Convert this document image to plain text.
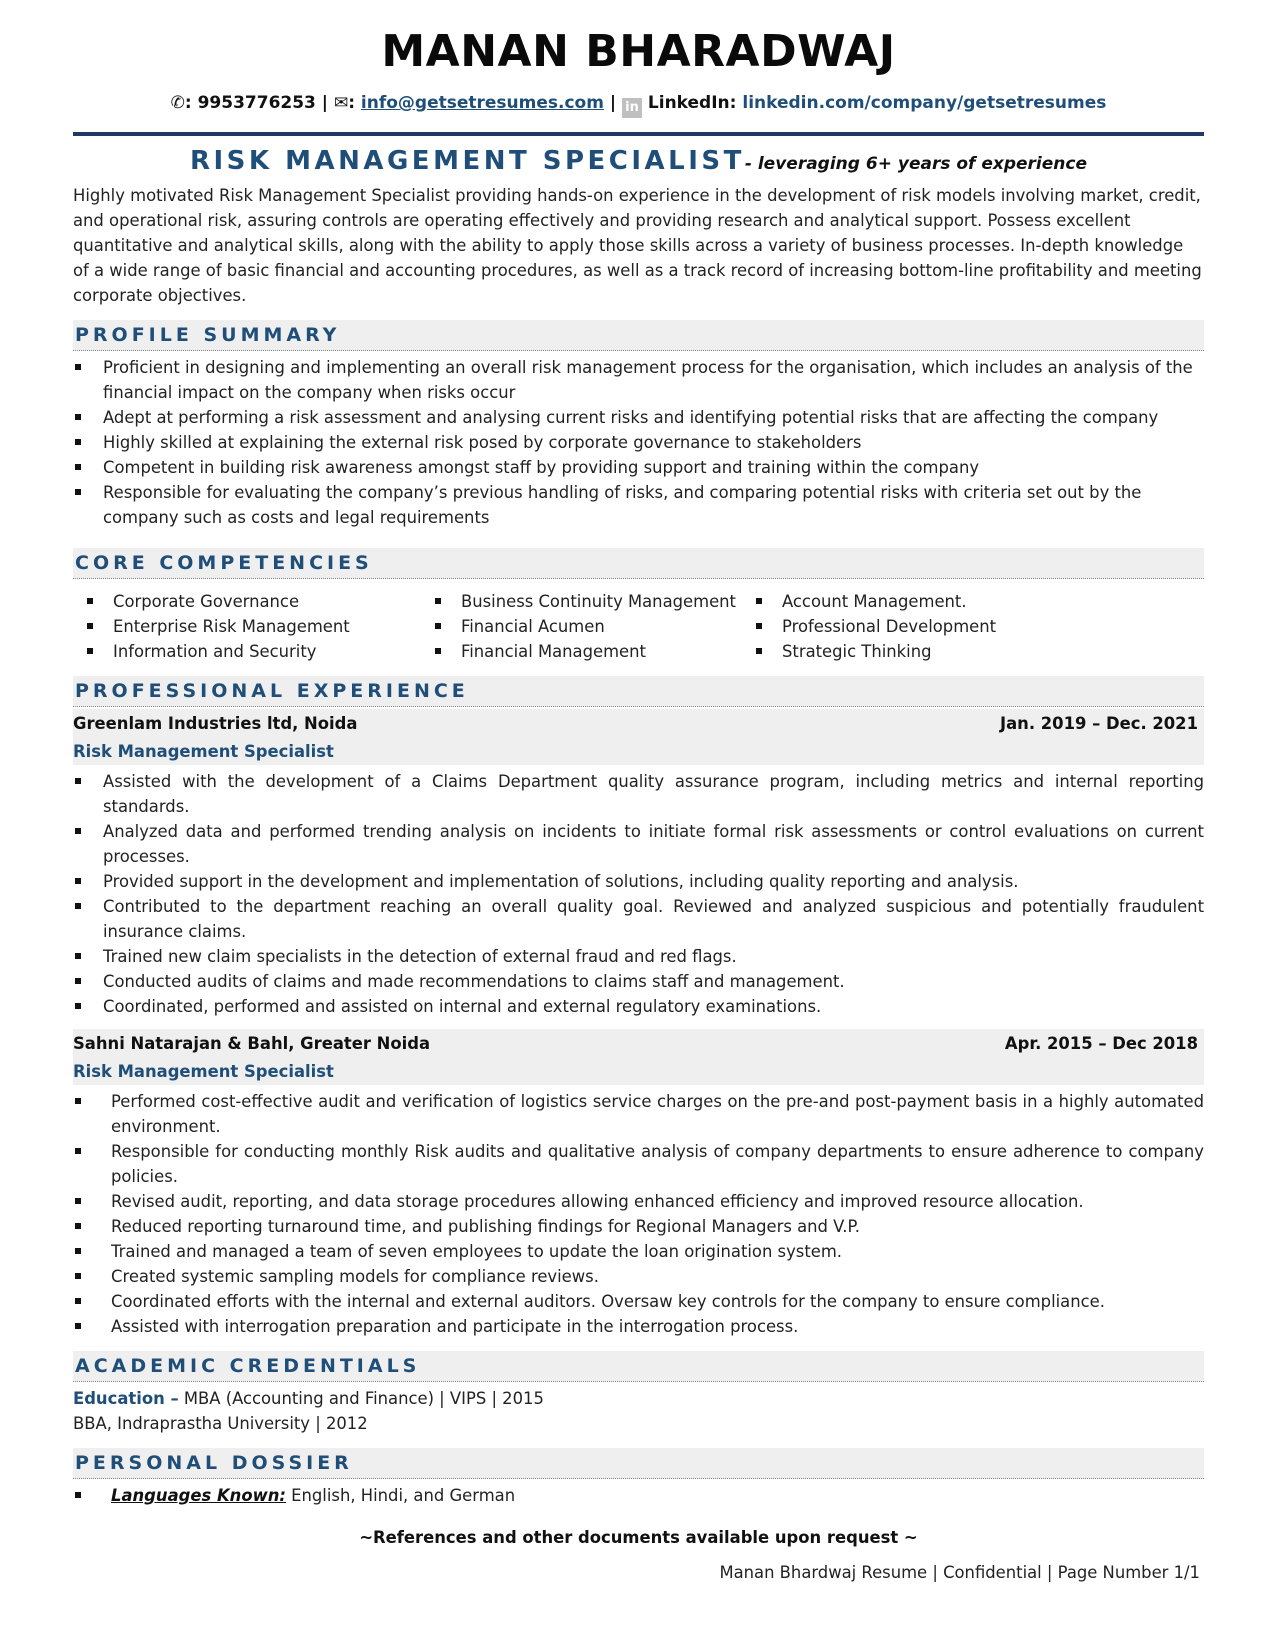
MANAN BHARADWAJ
✆: 9953776253 | ✉: info@getsetresumes.com | in LinkedIn: linkedin.com/company/getsetresumes
RISK MANAGEMENT SPECIALIST- leveraging 6+ years of experience
Highly motivated Risk Management Specialist providing hands-on experience in the development of risk models involving market, credit, and operational risk, assuring controls are operating effectively and providing research and analytical support. Possess excellent quantitative and analytical skills, along with the ability to apply those skills across a variety of business processes. In-depth knowledge of a wide range of basic financial and accounting procedures, as well as a track record of increasing bottom-line profitability and meeting corporate objectives.
PROFILE SUMMARY
Proficient in designing and implementing an overall risk management process for the organisation, which includes an analysis of the financial impact on the company when risks occur
Adept at performing a risk assessment and analysing current risks and identifying potential risks that are affecting the company
Highly skilled at explaining the external risk posed by corporate governance to stakeholders
Competent in building risk awareness amongst staff by providing support and training within the company
Responsible for evaluating the company’s previous handling of risks, and comparing potential risks with criteria set out by the company such as costs and legal requirements
CORE COMPETENCIES
Corporate Governance
Enterprise Risk Management
Information and Security
Business Continuity Management
Financial Acumen
Financial Management
Account Management.
Professional Development
Strategic Thinking
PROFESSIONAL EXPERIENCE
Greenlam Industries ltd, Noida	Jan. 2019 – Dec. 2021
Risk Management Specialist
Assisted with the development of a Claims Department quality assurance program, including metrics and internal reporting standards.
Analyzed data and performed trending analysis on incidents to initiate formal risk assessments or control evaluations on current processes.
Provided support in the development and implementation of solutions, including quality reporting and analysis.
Contributed to the department reaching an overall quality goal. Reviewed and analyzed suspicious and potentially fraudulent insurance claims.
Trained new claim specialists in the detection of external fraud and red flags.
Conducted audits of claims and made recommendations to claims staff and management.
Coordinated, performed and assisted on internal and external regulatory examinations.
Sahni Natarajan & Bahl, Greater Noida	Apr. 2015 – Dec 2018
Risk Management Specialist
Performed cost-effective audit and verification of logistics service charges on the pre-and post-payment basis in a highly automated environment.
Responsible for conducting monthly Risk audits and qualitative analysis of company departments to ensure adherence to company policies.
Revised audit, reporting, and data storage procedures allowing enhanced efficiency and improved resource allocation.
Reduced reporting turnaround time, and publishing findings for Regional Managers and V.P.
Trained and managed a team of seven employees to update the loan origination system.
Created systemic sampling models for compliance reviews.
Coordinated efforts with the internal and external auditors. Oversaw key controls for the company to ensure compliance.
Assisted with interrogation preparation and participate in the interrogation process.
ACADEMIC CREDENTIALS
Education – MBA (Accounting and Finance) | VIPS | 2015
BBA, Indraprastha University | 2012
PERSONAL DOSSIER
Languages Known: English, Hindi, and German
~References and other documents available upon request ~
Manan Bhardwaj Resume | Confidential | Page Number 1/1
